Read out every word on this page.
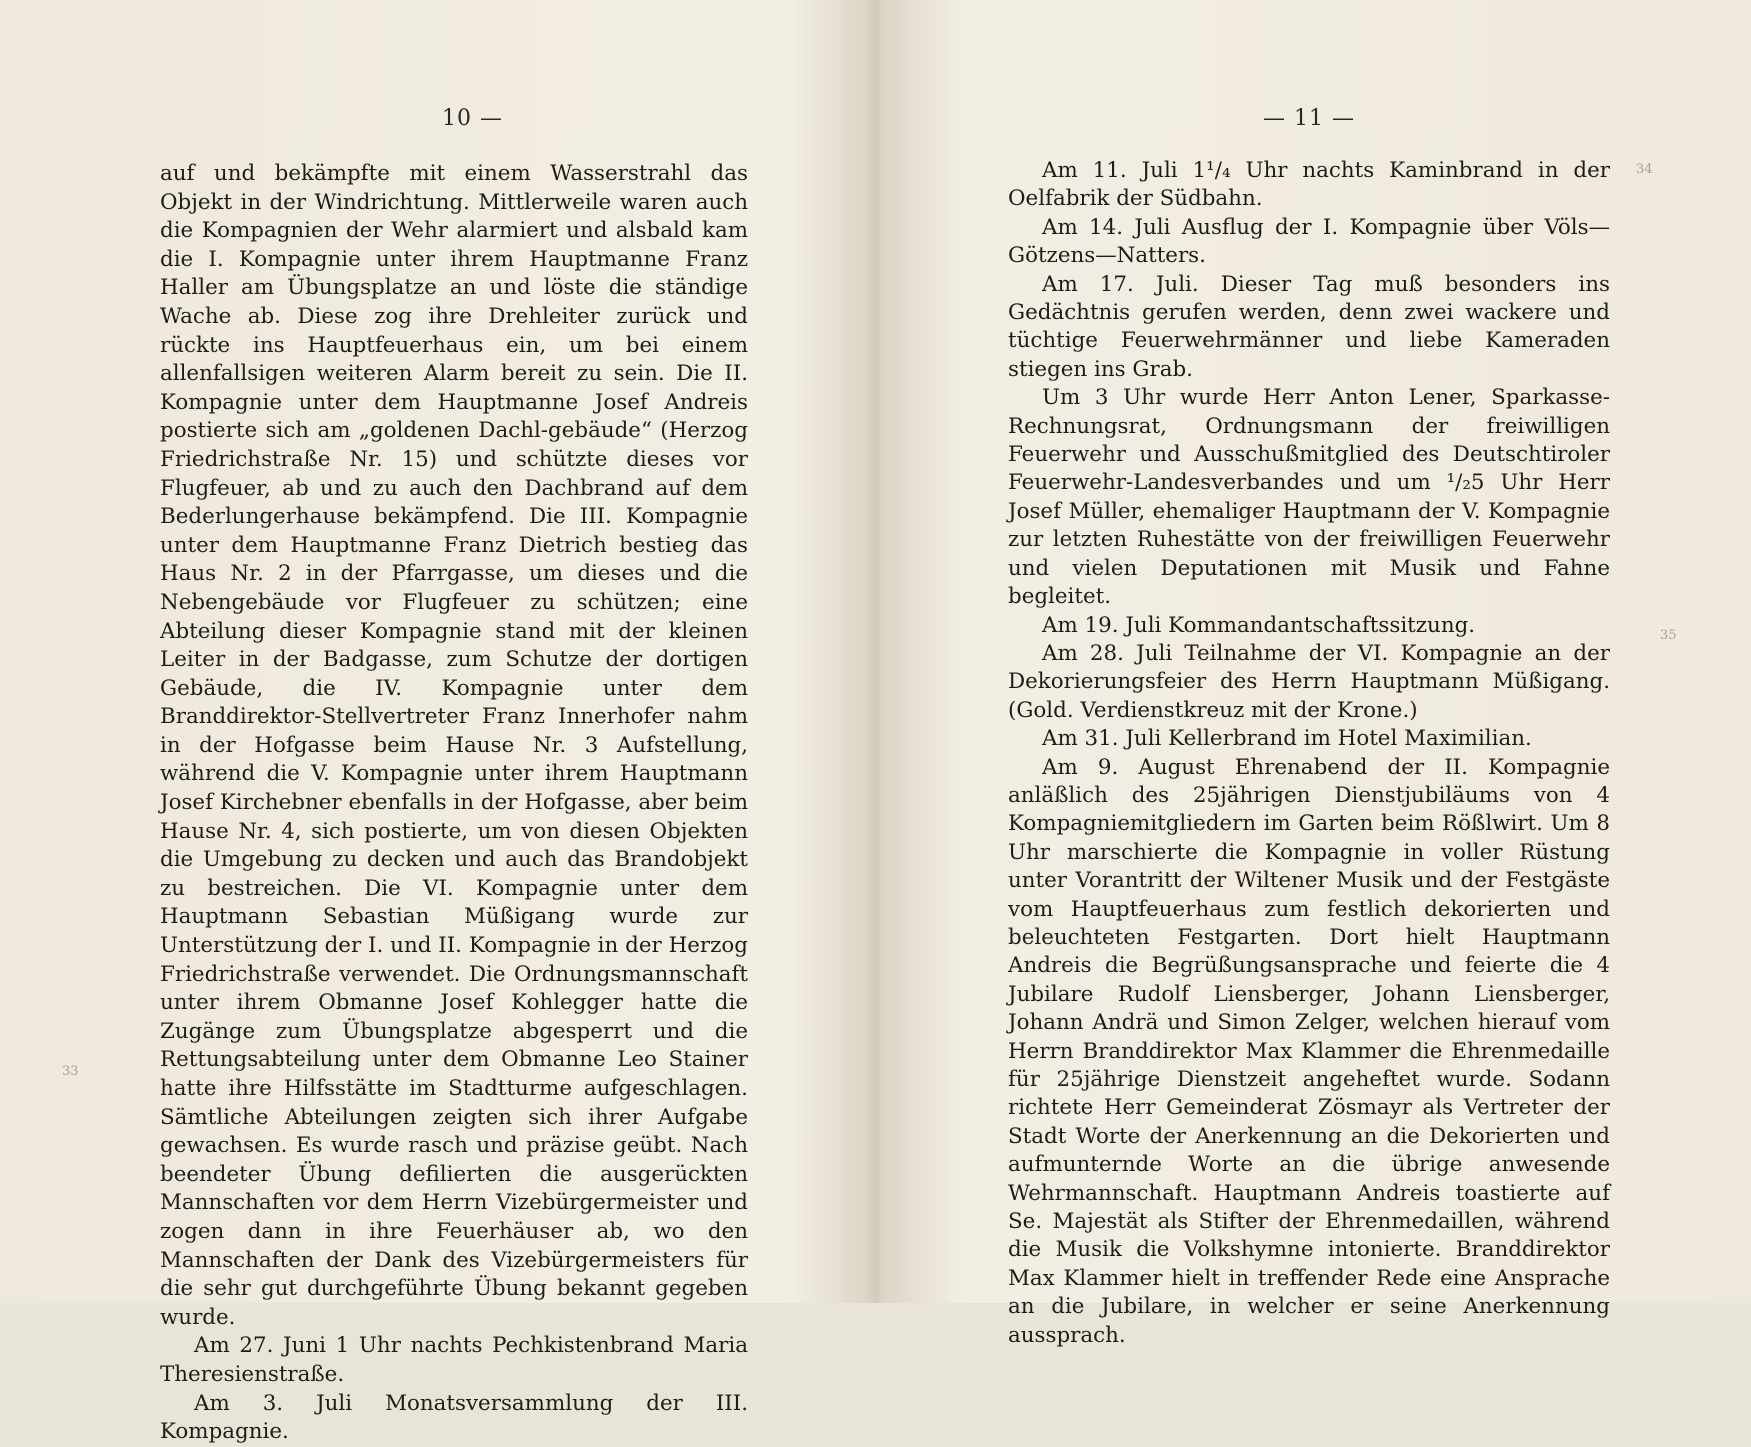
10 —

auf und bekämpfte mit einem Wasserstrahl das Objekt in der Windrichtung. Mittlerweile waren auch die Kompagnien der Wehr alarmiert und alsbald kam die I. Kompagnie unter ihrem Hauptmanne Franz Haller am Übungsplatze an und löste die ständige Wache ab. Diese zog ihre Drehleiter zurück und rückte ins Hauptfeuerhaus ein, um bei einem allenfallsigen weiteren Alarm bereit zu sein. Die II. Kompagnie unter dem Hauptmanne Josef Andreis postierte sich am „goldenen Dachl-gebäude“ (Herzog Friedrichstraße Nr. 15) und schützte dieses vor Flugfeuer, ab und zu auch den Dachbrand auf dem Bederlungerhause bekämpfend. Die III. Kompagnie unter dem Hauptmanne Franz Dietrich bestieg das Haus Nr. 2 in der Pfarrgasse, um dieses und die Nebengebäude vor Flugfeuer zu schützen; eine Abteilung dieser Kompagnie stand mit der kleinen Leiter in der Badgasse, zum Schutze der dortigen Gebäude, die IV. Kompagnie unter dem Branddirektor-Stellvertreter Franz Innerhofer nahm in der Hofgasse beim Hause Nr. 3 Aufstellung, während die V. Kompagnie unter ihrem Hauptmann Josef Kirchebner ebenfalls in der Hofgasse, aber beim Hause Nr. 4, sich postierte, um von diesen Objekten die Umgebung zu decken und auch das Brandobjekt zu bestreichen. Die VI. Kompagnie unter dem Hauptmann Sebastian Müßigang wurde zur Unterstützung der I. und II. Kompagnie in der Herzog Friedrichstraße verwendet. Die Ordnungsmannschaft unter ihrem Obmanne Josef Kohlegger hatte die Zugänge zum Übungsplatze abgesperrt und die Rettungsabteilung unter dem Obmanne Leo Stainer hatte ihre Hilfsstätte im Stadtturme aufgeschlagen. Sämtliche Abteilungen zeigten sich ihrer Aufgabe gewachsen. Es wurde rasch und präzise geübt. Nach beendeter Übung defilierten die ausgerückten Mannschaften vor dem Herrn Vizebürgermeister und zogen dann in ihre Feuerhäuser ab, wo den Mannschaften der Dank des Vizebürgermeisters für die sehr gut durchgeführte Übung bekannt gegeben wurde.

Am 27. Juni 1 Uhr nachts Pechkistenbrand Maria Theresienstraße.

Am 3. Juli Monatsversammlung der III. Kompagnie.

— 11 —

Am 11. Juli 1¹/₄ Uhr nachts Kaminbrand in der Oelfabrik der Südbahn.

Am 14. Juli Ausflug der I. Kompagnie über Völs—Götzens—Natters.

Am 17. Juli. Dieser Tag muß besonders ins Gedächtnis gerufen werden, denn zwei wackere und tüchtige Feuerwehrmänner und liebe Kameraden stiegen ins Grab.

Um 3 Uhr wurde Herr Anton Lener, Sparkasse-Rechnungsrat, Ordnungsmann der freiwilligen Feuerwehr und Ausschußmitglied des Deutschtiroler Feuerwehr-Landesverbandes und um ¹/₂5 Uhr Herr Josef Müller, ehemaliger Hauptmann der V. Kompagnie zur letzten Ruhestätte von der freiwilligen Feuerwehr und vielen Deputationen mit Musik und Fahne begleitet.

Am 19. Juli Kommandantschaftssitzung.

Am 28. Juli Teilnahme der VI. Kompagnie an der Dekorierungsfeier des Herrn Hauptmann Müßigang. (Gold. Verdienstkreuz mit der Krone.)

Am 31. Juli Kellerbrand im Hotel Maximilian.

Am 9. August Ehrenabend der II. Kompagnie anläßlich des 25jährigen Dienstjubiläums von 4 Kompagniemitgliedern im Garten beim Rößlwirt. Um 8 Uhr marschierte die Kompagnie in voller Rüstung unter Vorantritt der Wiltener Musik und der Festgäste vom Hauptfeuerhaus zum festlich dekorierten und beleuchteten Festgarten. Dort hielt Hauptmann Andreis die Begrüßungsansprache und feierte die 4 Jubilare Rudolf Liensberger, Johann Liensberger, Johann Andrä und Simon Zelger, welchen hierauf vom Herrn Branddirektor Max Klammer die Ehrenmedaille für 25jährige Dienstzeit angeheftet wurde. Sodann richtete Herr Gemeinderat Zösmayr als Vertreter der Stadt Worte der Anerkennung an die Dekorierten und aufmunternde Worte an die übrige anwesende Wehrmannschaft. Hauptmann Andreis toastierte auf Se. Majestät als Stifter der Ehrenmedaillen, während die Musik die Volkshymne intonierte. Branddirektor Max Klammer hielt in treffender Rede eine Ansprache an die Jubilare, in welcher er seine Anerkennung aussprach.

33
34
35
